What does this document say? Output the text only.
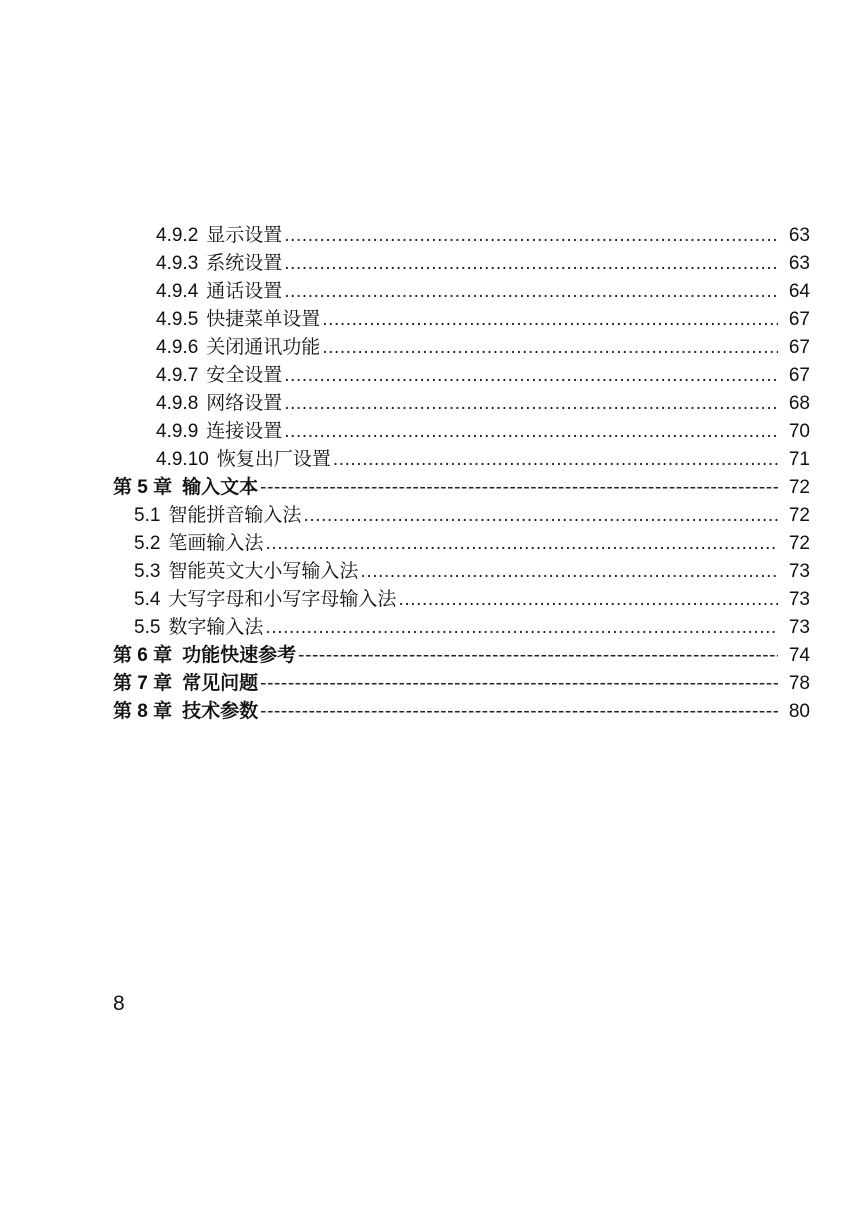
4.9.2 显示设置 .....	63
4.9.3 系统设置 .....	63
4.9.4 通话设置 .....	64
4.9.5 快捷菜单设置 .....	67
4.9.6 关闭通讯功能 .....	67
4.9.7 安全设置 .....	67
4.9.8 网络设置 .....	68
4.9.9 连接设置 .....	70
4.9.10 恢复出厂设置 .....	71
第 5 章 输入文本 -----	72
5.1 智能拼音输入法 .....	72
5.2 笔画输入法 .....	72
5.3 智能英文大小写输入法 .....	73
5.4 大写字母和小写字母输入法 .....	73
5.5 数字输入法 .....	73
第 6 章 功能快速参考 -----	74
第 7 章 常见问题 -----	78
第 8 章 技术参数 -----	80
8
